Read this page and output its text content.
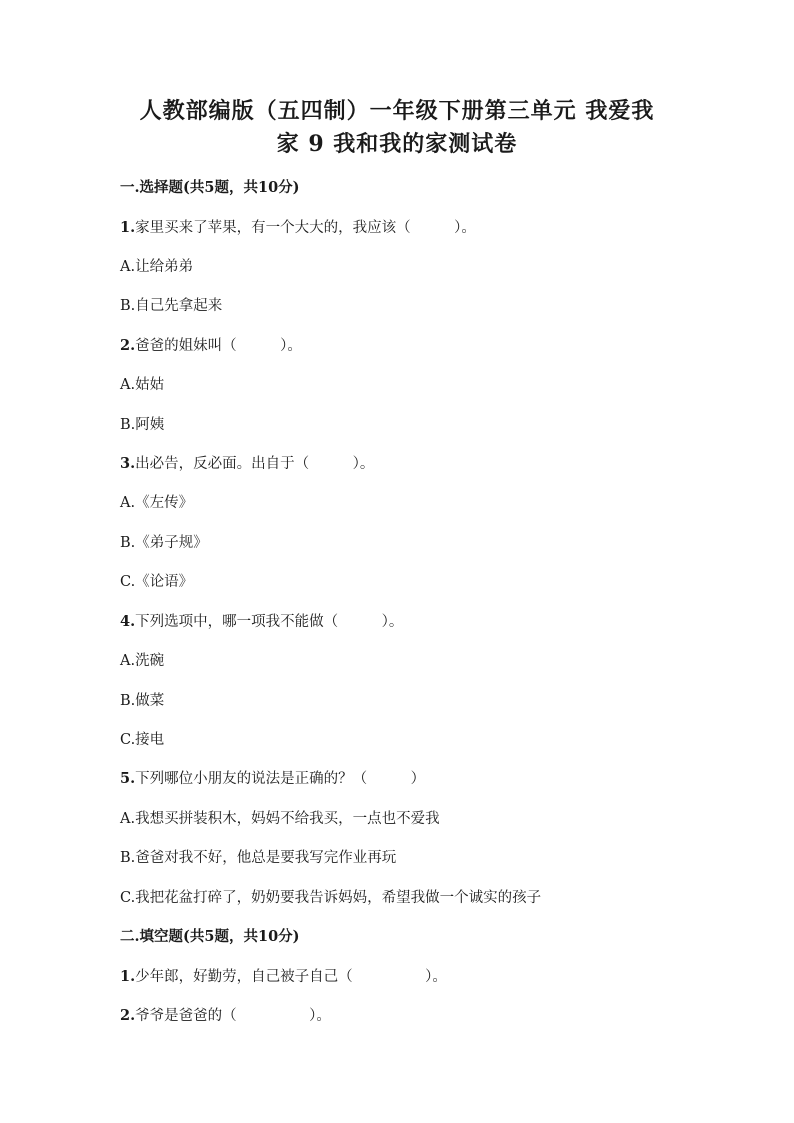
人教部编版（五四制）一年级下册第三单元 我爱我
家 9 我和我的家测试卷
一.选择题(共5题，共10分)
1.家里买来了苹果，有一个大大的，我应该（　　　）。
A.让给弟弟
B.自己先拿起来
2.爸爸的姐妹叫（　　　）。
A.姑姑
B.阿姨
3.出必告，反必面。出自于（　　　）。
A.《左传》
B.《弟子规》
C.《论语》
4.下列选项中，哪一项我不能做（　　　）。
A.洗碗
B.做菜
C.接电
5.下列哪位小朋友的说法是正确的？（　　　）
A.我想买拼装积木，妈妈不给我买，一点也不爱我
B.爸爸对我不好，他总是要我写完作业再玩
C.我把花盆打碎了，奶奶要我告诉妈妈，希望我做一个诚实的孩子
二.填空题(共5题，共10分)
1.少年郎，好勤劳，自己被子自己（　　　　　）。
2.爷爷是爸爸的（　　　　　）。
